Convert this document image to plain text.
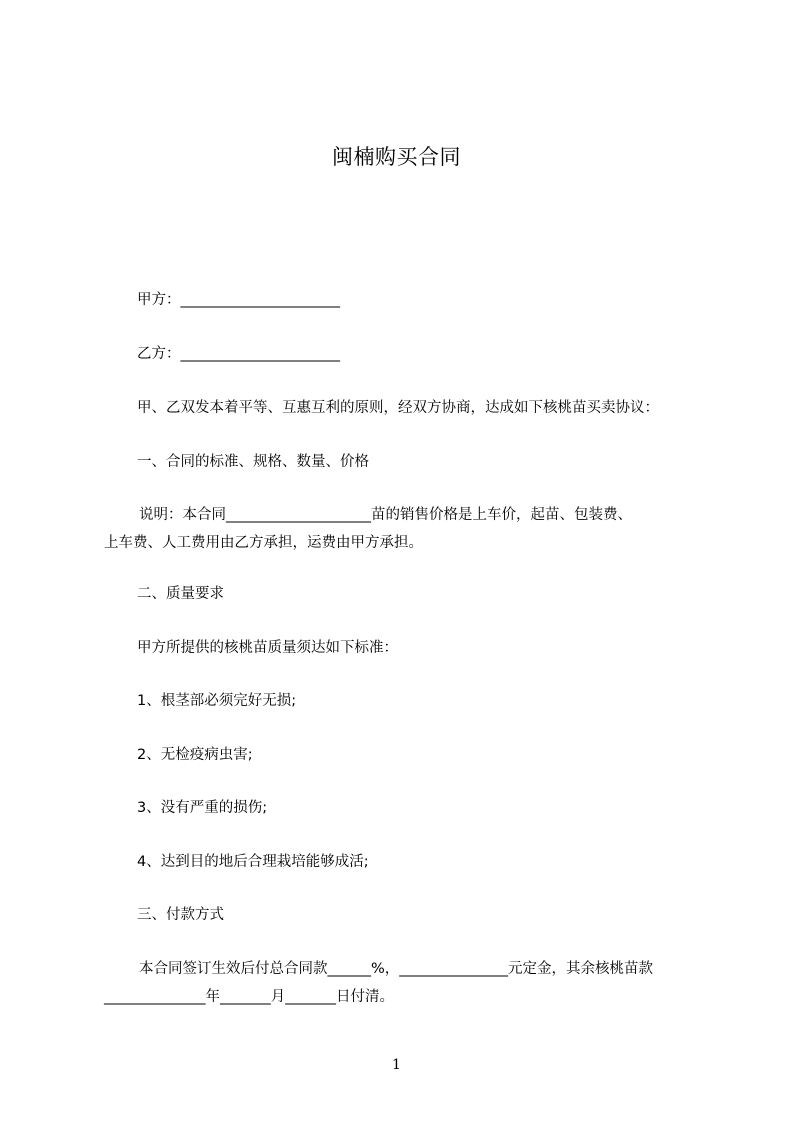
闽楠购买合同
甲方：______________________
乙方：______________________
甲、乙双发本着平等、互惠互利的原则，经双方协商，达成如下核桃苗买卖协议：
一、合同的标准、规格、数量、价格
说明：本合同____________________苗的销售价格是上车价，起苗、包装费、
上车费、人工费用由乙方承担，运费由甲方承担。
二、质量要求
甲方所提供的核桃苗质量须达如下标准：
1、根茎部必须完好无损;
2、无检疫病虫害;
3、没有严重的损伤;
4、达到目的地后合理栽培能够成活;
三、付款方式
本合同签订生效后付总合同款______%，_______________元定金，其余核桃苗款
______________年_______月_______日付清。
1
